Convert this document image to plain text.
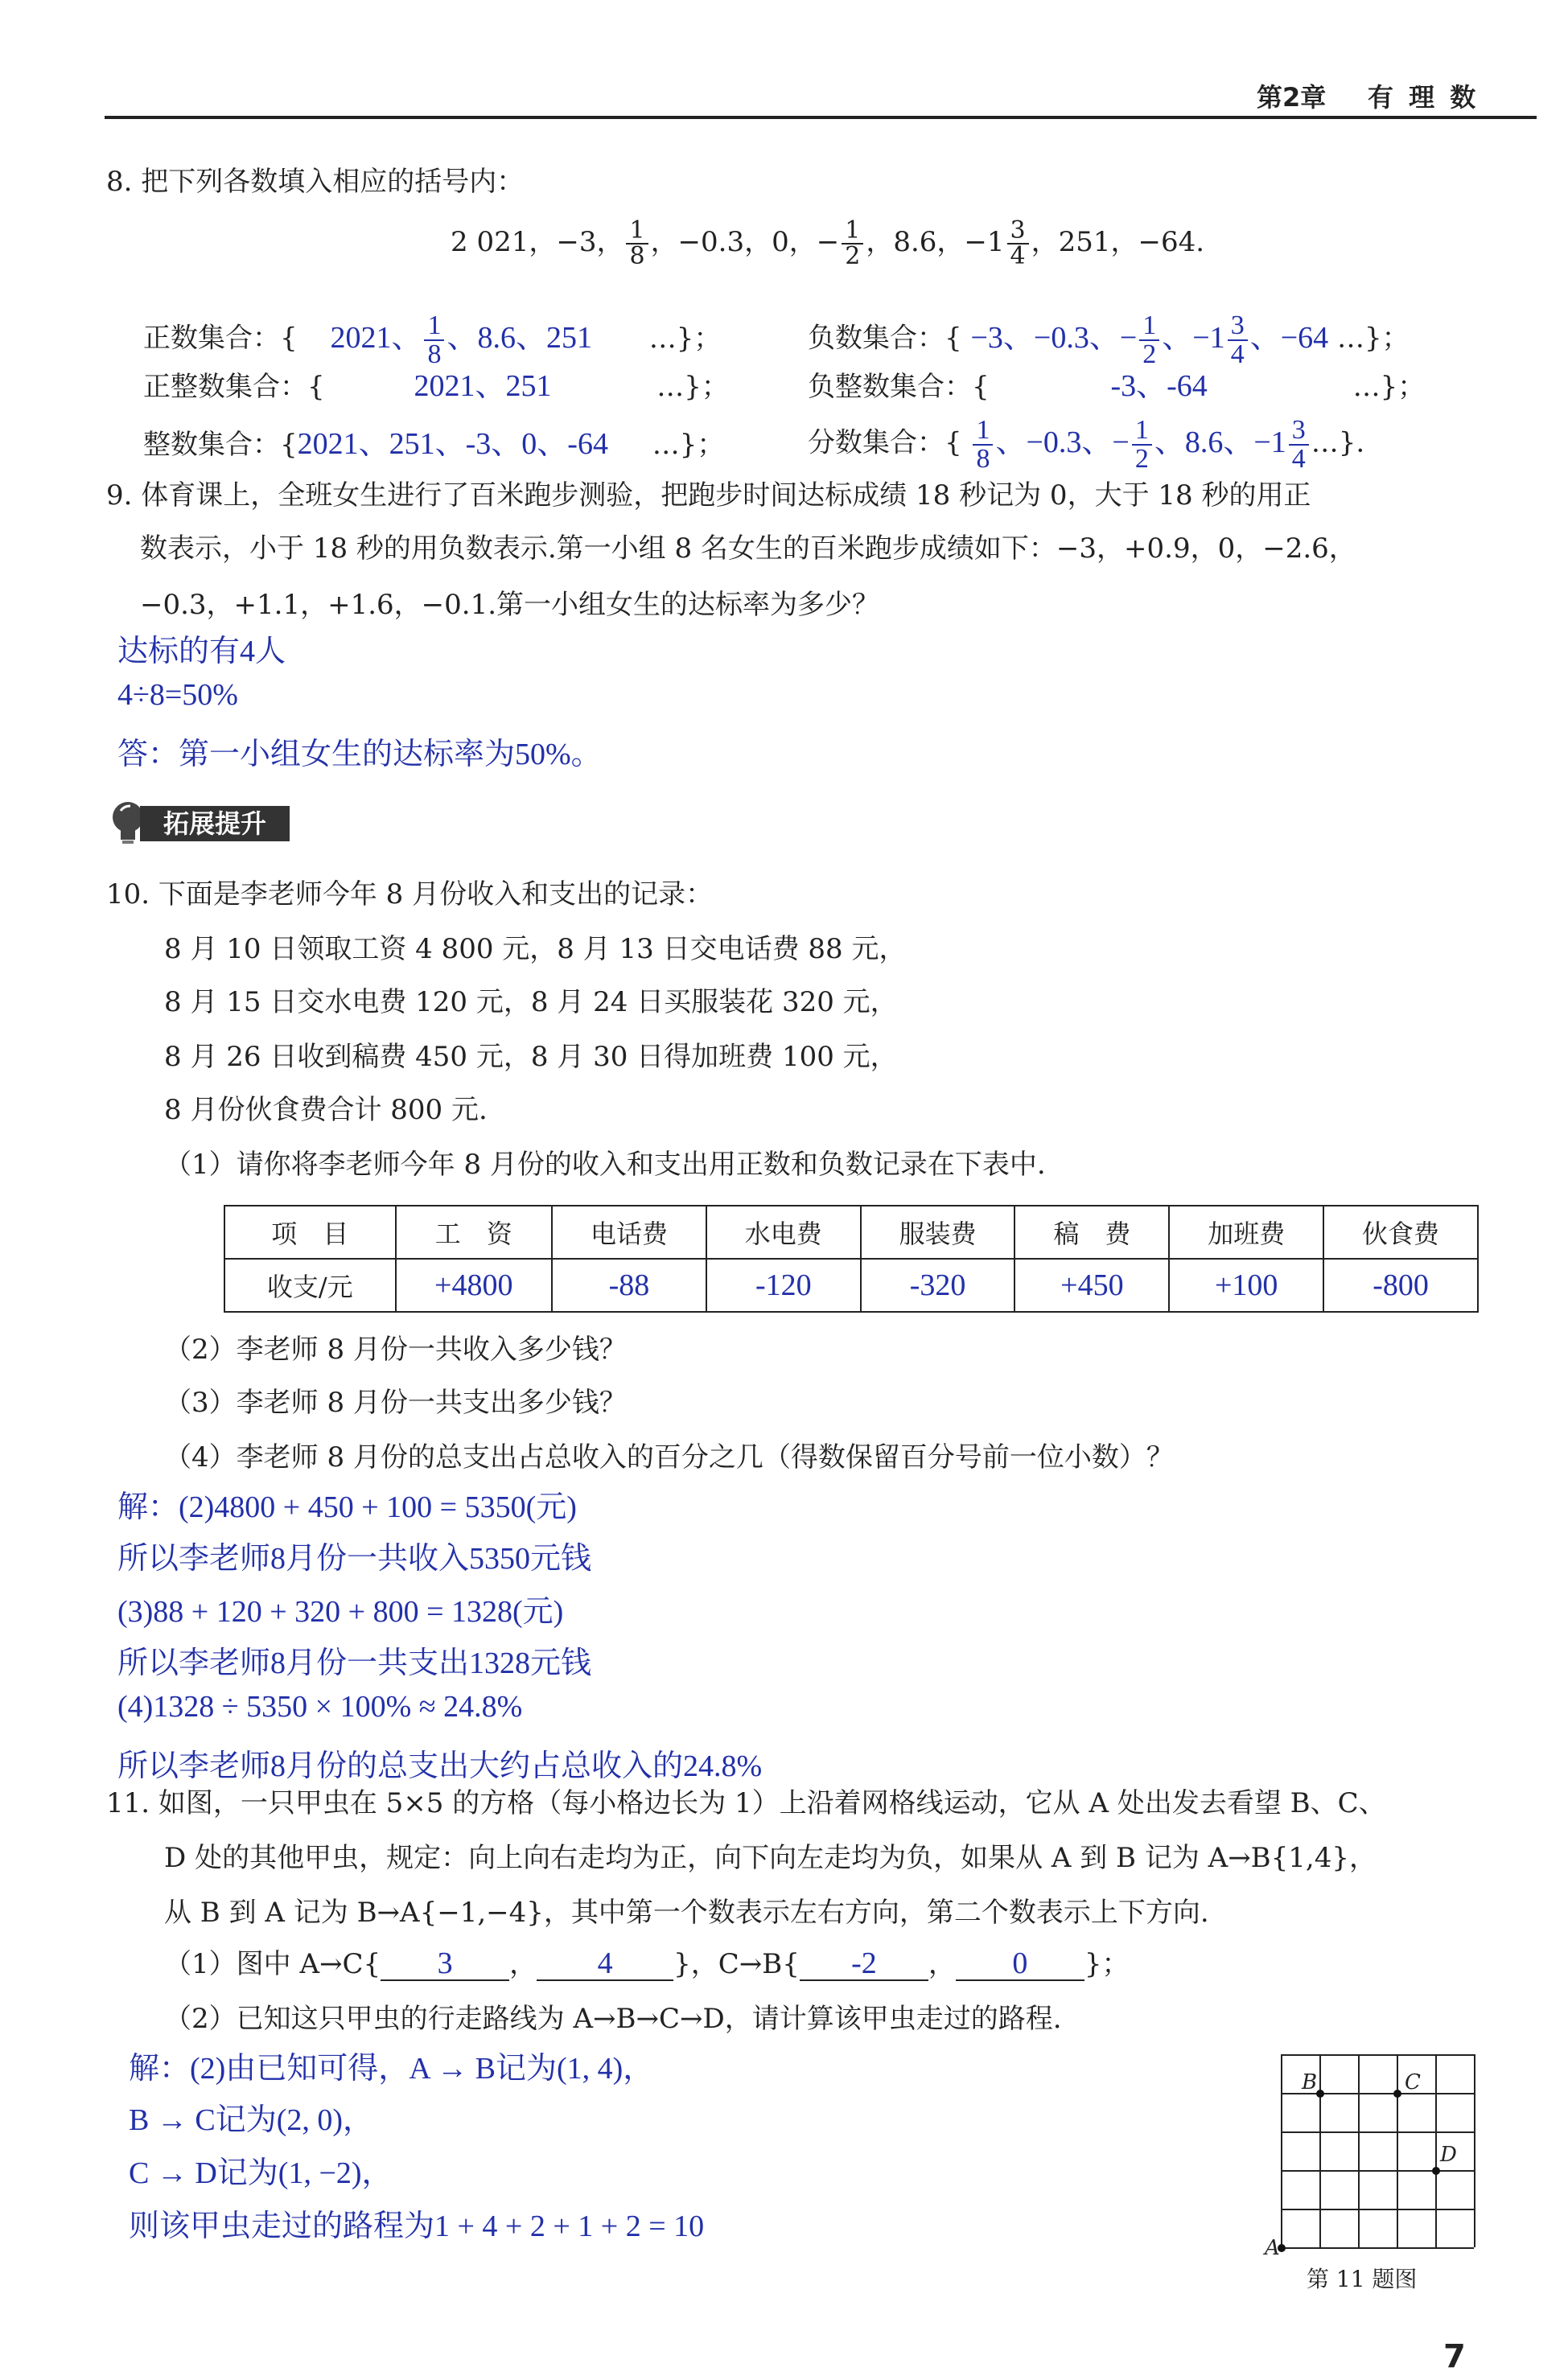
第2章 有 理 数
8. 把下列各数填入相应的括号内：
2 021，−3， $\frac{1}{8}$ ，−0.3，0，− $\frac{1}{2}$ ，8.6，$-1 \frac{3}{4}$ ，251，−64.
正数集合：{ 2021、 $\frac{1}{8}$ 、8.6、251 …}；	负数集合：{ −3、−0.3、− $\frac{1}{2}$ 、$-1 \frac{3}{4}$ 、−64 …}；
正整数集合：{	2021、251	…}；	负整数集合：{	-3、-64	…}；
整数集合：{2021、251、-3、0、-64 …}；	分数集合：{ $\frac{1}{8}$ 、−0.3、− $\frac{1}{2}$ 、8.6、$-1 \frac{3}{4}$ …}.
9. 体育课上，全班女生进行了百米跑步测验，把跑步时间达标成绩 18 秒记为 0，大于 18 秒的用正
数表示，小于 18 秒的用负数表示.第一小组 8 名女生的百米跑步成绩如下：−3，+0.9，0，−2.6，
−0.3，+1.1，+1.6，−0.1.第一小组女生的达标率为多少？
达标的有4人
4÷8=50%
答：第一小组女生的达标率为50%。
拓展提升
10. 下面是李老师今年 8 月份收入和支出的记录：
8 月 10 日领取工资 4 800 元，8 月 13 日交电话费 88 元，
8 月 15 日交水电费 120 元，8 月 24 日买服装花 320 元，
8 月 26 日收到稿费 450 元，8 月 30 日得加班费 100 元，
8 月份伙食费合计 800 元.
（1）请你将李老师今年 8 月份的收入和支出用正数和负数记录在下表中.
项　目	工　资	电话费	水电费	服装费	稿　费	加班费	伙食费
收支/元	+4800	-88	-120	-320	+450	+100	-800
（2）李老师 8 月份一共收入多少钱？
（3）李老师 8 月份一共支出多少钱？
（4）李老师 8 月份的总支出占总收入的百分之几（得数保留百分号前一位小数）？
解：(2)4800 + 450 + 100 = 5350(元)
所以李老师8月份一共收入5350元钱
(3)88 + 120 + 320 + 800 = 1328(元)
所以李老师8月份一共支出1328元钱
(4)1328 ÷ 5350 × 100% ≈ 24.8%
所以李老师8月份的总支出大约占总收入的24.8%
11. 如图，一只甲虫在 5×5 的方格（每小格边长为 1）上沿着网格线运动，它从 A 处出发去看望 B、C、
D 处的其他甲虫，规定：向上向右走均为正，向下向左走均为负，如果从 A 到 B 记为 A→B{1,4}，
从 B 到 A 记为 B→A{−1,−4}，其中第一个数表示左右方向，第二个数表示上下方向.
（1）图中 A→C{ 3 ， 4 }，C→B{ -2 ， 0 }；
（2）已知这只甲虫的行走路线为 A→B→C→D，请计算该甲虫走过的路程.
解：(2)由已知可得，A → B记为(1, 4)，
B → C记为(2, 0)，
C → D记为(1, −2)，
则该甲虫走过的路程为1 + 4 + 2 + 1 + 2 = 10
A
B	C
D
第 11 题图
7
